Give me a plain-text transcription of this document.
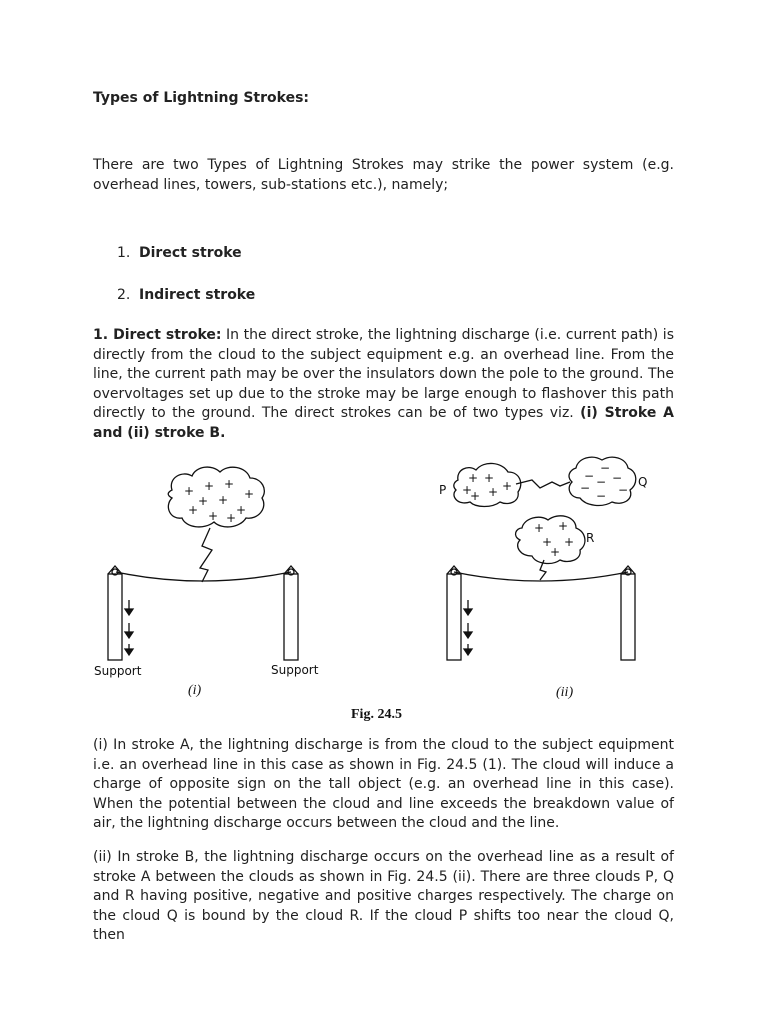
Types of Lightning Strokes:

There are two Types of Lightning Strokes may strike the power system (e.g. overhead lines, towers, sub-stations etc.), namely;

1. Direct stroke
2. Indirect stroke

1. Direct stroke: In the direct stroke, the lightning discharge (i.e. current path) is directly from the cloud to the subject equipment e.g. an overhead line. From the line, the current path may be over the insulators down the pole to the ground. The overvoltages set up due to the stroke may be large enough to flashover this path directly to the ground. The direct strokes can be of two types viz. (i) Stroke A and (ii) stroke B.

(i) In stroke A, the lightning discharge is from the cloud to the subject equipment i.e. an overhead line in this case as shown in Fig. 24.5 (1). The cloud will induce a charge of opposite sign on the tall object (e.g. an overhead line in this case). When the potential between the cloud and line exceeds the breakdown value of air, the lightning discharge occurs between the cloud and the line.

(ii) In stroke B, the lightning discharge occurs on the overhead line as a result of stroke A between the clouds as shown in Fig. 24.5 (ii). There are three clouds P, Q and R having positive, negative and positive charges respectively. The charge on the cloud Q is bound by the cloud R. If the cloud P shifts too near the cloud Q, then

+ + +
+
+ +
+
+ + +
+ +
+
+ +
+
−
− −
−
− −
−
+ +
+ +
+
Support	Support
(i)	(ii)
P
Q
R
Fig. 24.5
